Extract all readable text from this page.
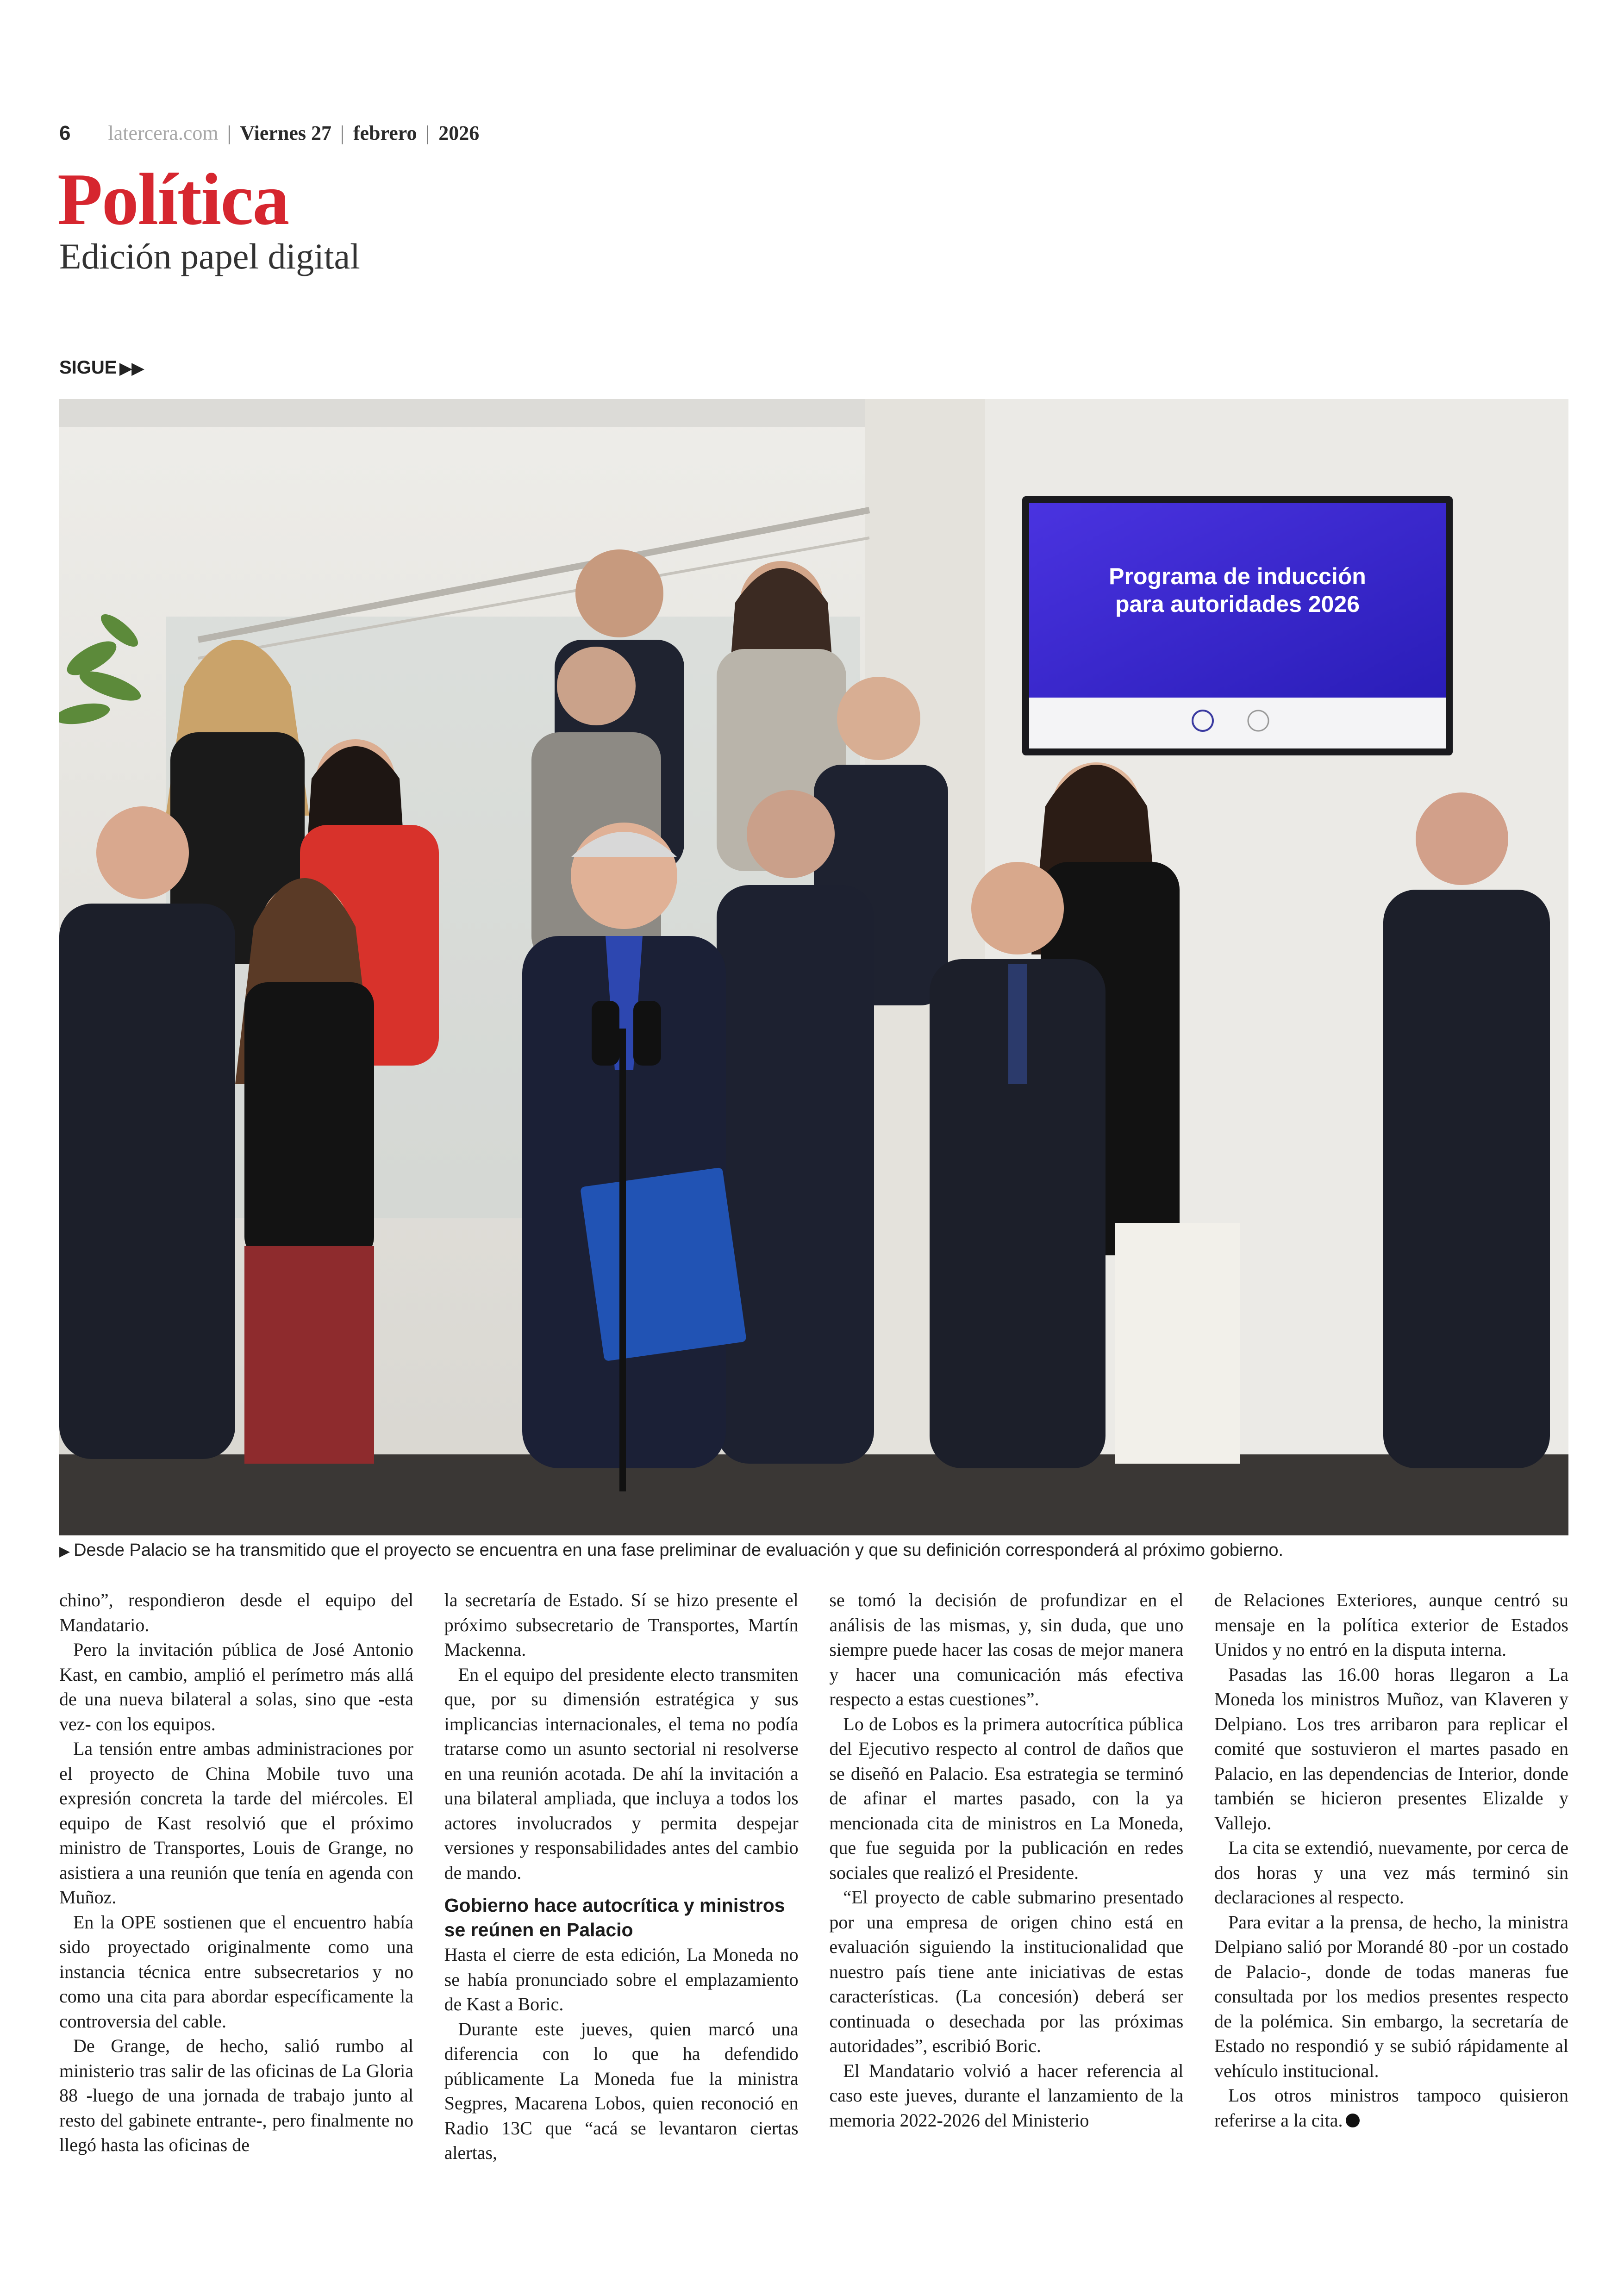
6 latercera.com | Viernes 27 | febrero | 2026
Política
Edición papel digital
SIGUE ▶▶
Programa de inducción
para autoridades 2026
▶ Desde Palacio se ha transmitido que el proyecto se encuentra en una fase preliminar de evaluación y que su definición corresponderá al próximo gobierno.

chino”, respondieron desde el equipo del Mandatario.

Pero la invitación pública de José Antonio Kast, en cambio, amplió el perímetro más allá de una nueva bilateral a solas, sino que -esta vez- con los equipos.

La tensión entre ambas administraciones por el proyecto de China Mobile tuvo una expresión concreta la tarde del miércoles. El equipo de Kast resolvió que el próximo ministro de Transportes, Louis de Grange, no asistiera a una reunión que tenía en agenda con Muñoz.

En la OPE sostienen que el encuentro había sido proyectado originalmente como una instancia técnica entre subsecretarios y no como una cita para abordar específicamente la controversia del cable.

De Grange, de hecho, salió rumbo al ministerio tras salir de las oficinas de La Gloria 88 -luego de una jornada de trabajo junto al resto del gabinete entrante-, pero finalmente no llegó hasta las oficinas de

la secretaría de Estado. Sí se hizo presente el próximo subsecretario de Transportes, Martín Mackenna.

En el equipo del presidente electo transmiten que, por su dimensión estratégica y sus implicancias internacionales, el tema no podía tratarse como un asunto sectorial ni resolverse en una reunión acotada. De ahí la invitación a una bilateral ampliada, que incluya a todos los actores involucrados y permita despejar versiones y responsabilidades antes del cambio de mando.

Gobierno hace autocrítica y ministros se reúnen en Palacio

Hasta el cierre de esta edición, La Moneda no se había pronunciado sobre el emplazamiento de Kast a Boric.

Durante este jueves, quien marcó una diferencia con lo que ha defendido públicamente La Moneda fue la ministra Segpres, Macarena Lobos, quien reconoció en Radio 13C que “acá se levantaron ciertas alertas,

se tomó la decisión de profundizar en el análisis de las mismas, y, sin duda, que uno siempre puede hacer las cosas de mejor manera y hacer una comunicación más efectiva respecto a estas cuestiones”.

Lo de Lobos es la primera autocrítica pública del Ejecutivo respecto al control de daños que se diseñó en Palacio. Esa estrategia se terminó de afinar el martes pasado, con la ya mencionada cita de ministros en La Moneda, que fue seguida por la publicación en redes sociales que realizó el Presidente.

“El proyecto de cable submarino presentado por una empresa de origen chino está en evaluación siguiendo la institucionalidad que nuestro país tiene ante iniciativas de estas características. (La concesión) deberá ser continuada o desechada por las próximas autoridades”, escribió Boric.

El Mandatario volvió a hacer referencia al caso este jueves, durante el lanzamiento de la memoria 2022-2026 del Ministerio

de Relaciones Exteriores, aunque centró su mensaje en la política exterior de Estados Unidos y no entró en la disputa interna.

Pasadas las 16.00 horas llegaron a La Moneda los ministros Muñoz, van Klaveren y Delpiano. Los tres arribaron para replicar el comité que sostuvieron el martes pasado en Palacio, en las dependencias de Interior, donde también se hicieron presentes Elizalde y Vallejo.

La cita se extendió, nuevamente, por cerca de dos horas y una vez más terminó sin declaraciones al respecto.

Para evitar a la prensa, de hecho, la ministra Delpiano salió por Morandé 80 -por un costado de Palacio-, donde de todas maneras fue consultada por los medios presentes respecto de la polémica. Sin embargo, la secretaría de Estado no respondió y se subió rápidamente al vehículo institucional.

Los otros ministros tampoco quisieron referirse a la cita.
